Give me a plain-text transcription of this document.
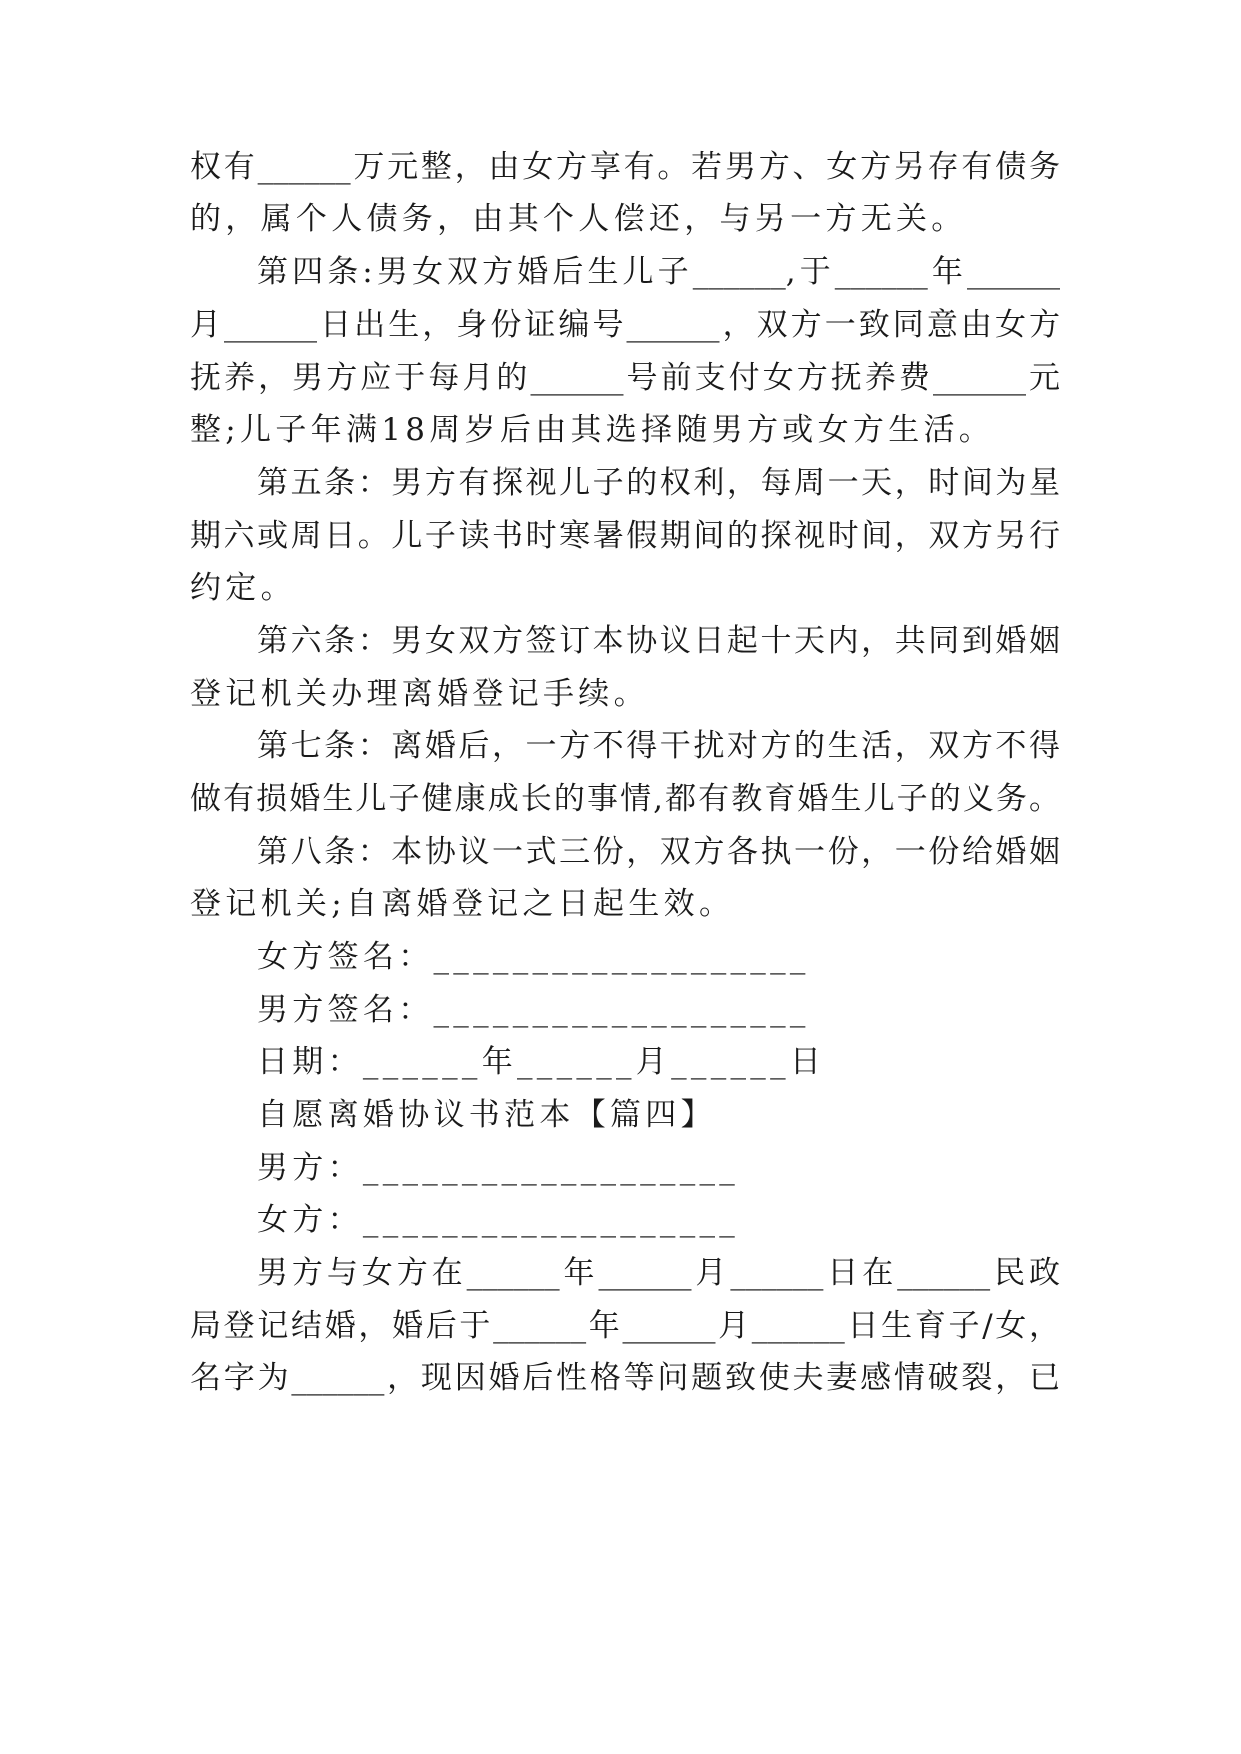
权有______万元整，由女方享有。若男方、女方另存有债务
的，属个人债务，由其个人偿还，与另一方无关。
第四条:男女双方婚后生儿子______,于______年______
月______日出生，身份证编号______，双方一致同意由女方
抚养，男方应于每月的______号前支付女方抚养费______元
整;儿子年满18周岁后由其选择随男方或女方生活。
第五条：男方有探视儿子的权利，每周一天，时间为星
期六或周日。儿子读书时寒暑假期间的探视时间，双方另行
约定。
第六条：男女双方签订本协议日起十天内，共同到婚姻
登记机关办理离婚登记手续。
第七条：离婚后，一方不得干扰对方的生活，双方不得
做有损婚生儿子健康成长的事情,都有教育婚生儿子的义务。
第八条：本协议一式三份，双方各执一份，一份给婚姻
登记机关;自离婚登记之日起生效。
女方签名：___________________
男方签名：___________________
日期：______年______月______日
自愿离婚协议书范本【篇四】
男方：___________________
女方：___________________
男方与女方在______年______月______日在______民政
局登记结婚，婚后于______年______月______日生育子/女，
名字为______，现因婚后性格等问题致使夫妻感情破裂，已
